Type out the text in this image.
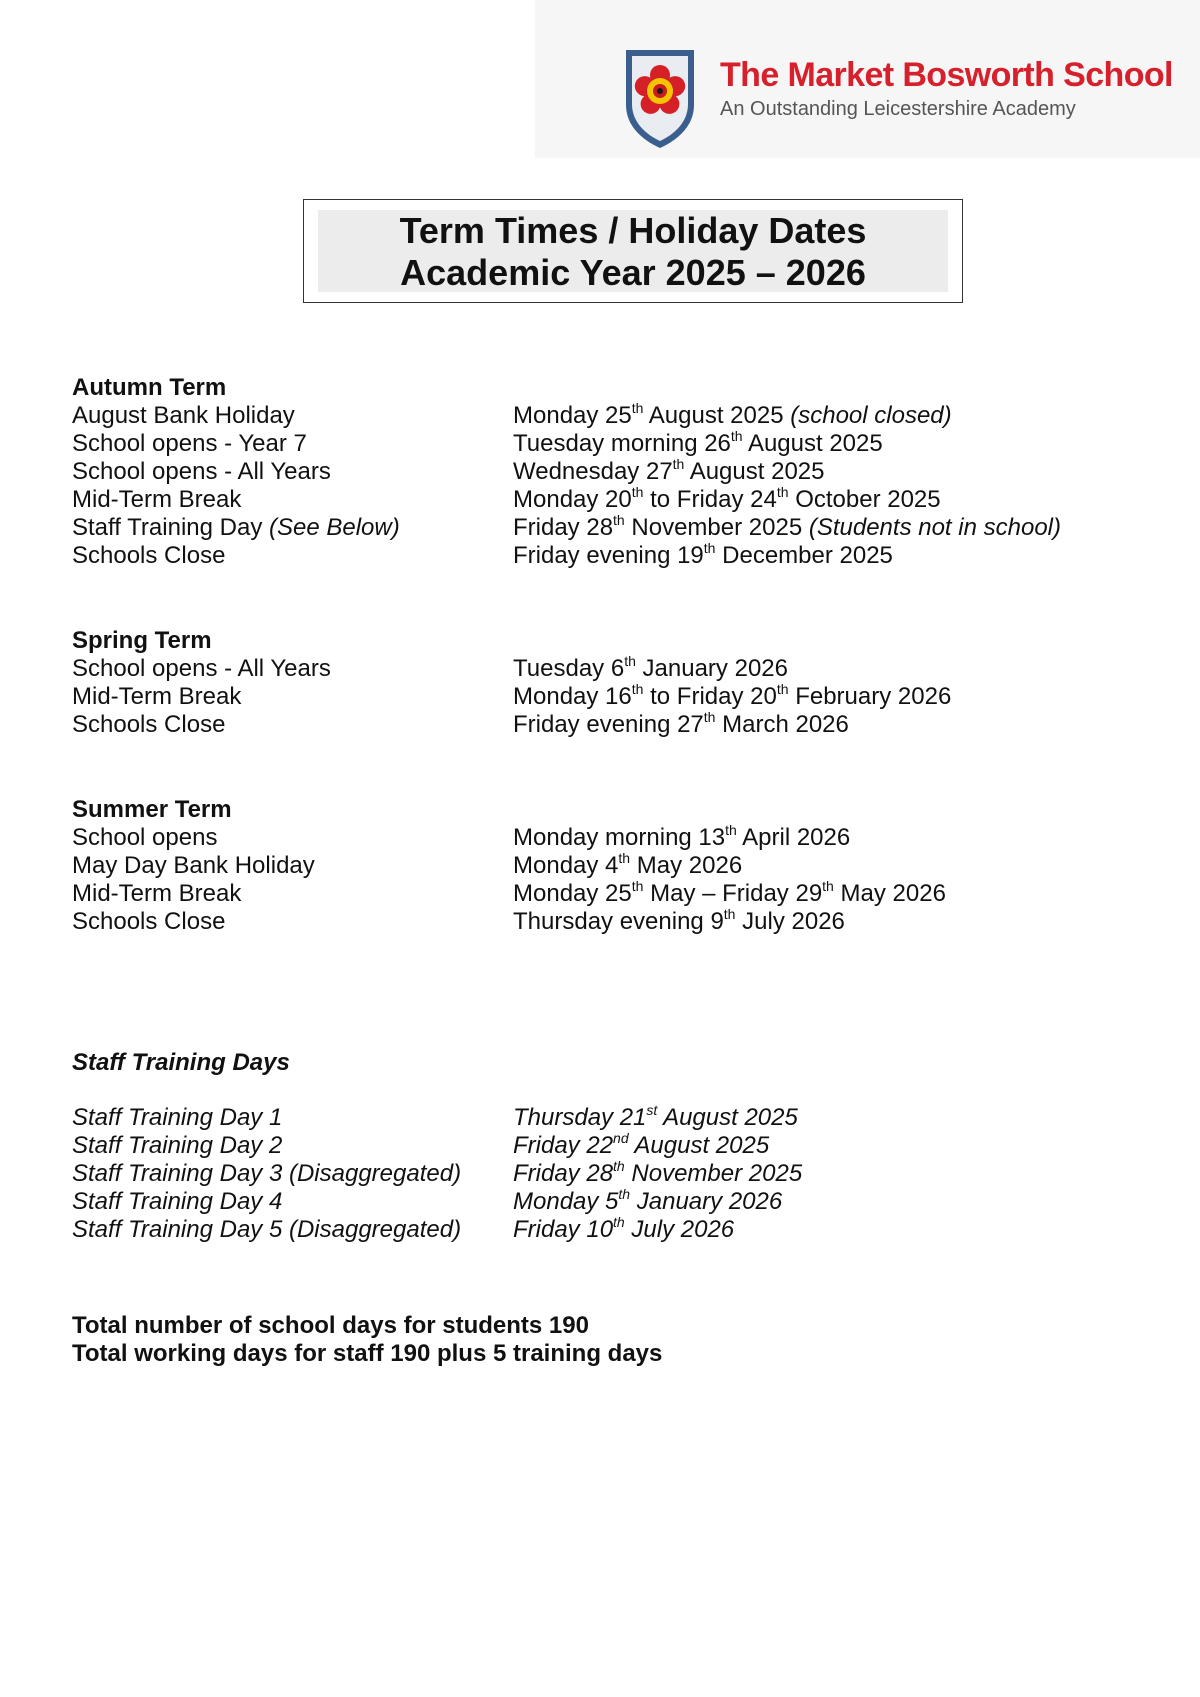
The Market Bosworth School
An Outstanding Leicestershire Academy
Term Times / Holiday Dates
Academic Year 2025 – 2026
Autumn Term
August Bank Holiday	Monday 25th August 2025 (school closed)
School opens - Year 7	Tuesday morning 26th August 2025
School opens - All Years	Wednesday 27th August 2025
Mid-Term Break	Monday 20th to Friday 24th October 2025
Staff Training Day (See Below)	Friday 28th November 2025 (Students not in school)
Schools Close	Friday evening 19th December 2025
Spring Term
School opens - All Years	Tuesday 6th January 2026
Mid-Term Break	Monday 16th to Friday 20th February 2026
Schools Close	Friday evening 27th March 2026
Summer Term
School opens	Monday morning 13th April 2026
May Day Bank Holiday	Monday 4th May 2026
Mid-Term Break	Monday 25th May – Friday 29th May 2026
Schools Close	Thursday evening 9th July 2026
Staff Training Days
Staff Training Day 1	Thursday 21st August 2025
Staff Training Day 2	Friday 22nd August 2025
Staff Training Day 3 (Disaggregated) Friday 28th November 2025
Staff Training Day 4	Monday 5th January 2026
Staff Training Day 5 (Disaggregated) Friday 10th July 2026
Total number of school days for students 190
Total working days for staff 190 plus 5 training days
